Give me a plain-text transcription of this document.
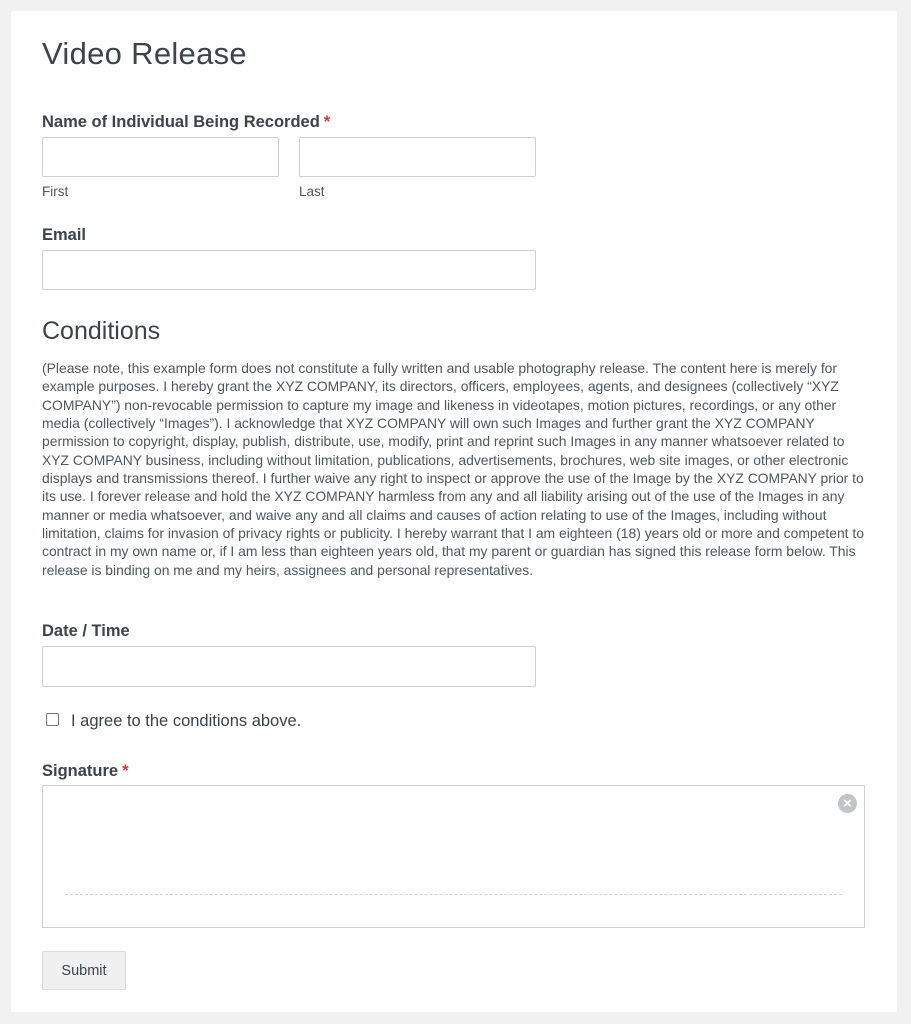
Video Release
Name of Individual Being Recorded *
First	Last
Email
Conditions

(Please note, this example form does not constitute a fully written and usable photography release. The content here is merely for example purposes. I hereby grant the XYZ COMPANY, its directors, officers, employees, agents, and designees (collectively “XYZ COMPANY”) non-revocable permission to capture my image and likeness in videotapes, motion pictures, recordings, or any other media (collectively “Images”). I acknowledge that XYZ COMPANY will own such Images and further grant the XYZ COMPANY permission to copyright, display, publish, distribute, use, modify, print and reprint such Images in any manner whatsoever related to XYZ COMPANY business, including without limitation, publications, advertisements, brochures, web site images, or other electronic displays and transmissions thereof. I further waive any right to inspect or approve the use of the Image by the XYZ COMPANY prior to its use. I forever release and hold the XYZ COMPANY harmless from any and all liability arising out of the use of the Images in any manner or media whatsoever, and waive any and all claims and causes of action relating to use of the Images, including without limitation, claims for invasion of privacy rights or publicity. I hereby warrant that I am eighteen (18) years old or more and competent to contract in my own name or, if I am less than eighteen years old, that my parent or guardian has signed this release form below. This release is binding on me and my heirs, assignees and personal representatives.

Date / Time
I agree to the conditions above.
Signature *
×
Submit
